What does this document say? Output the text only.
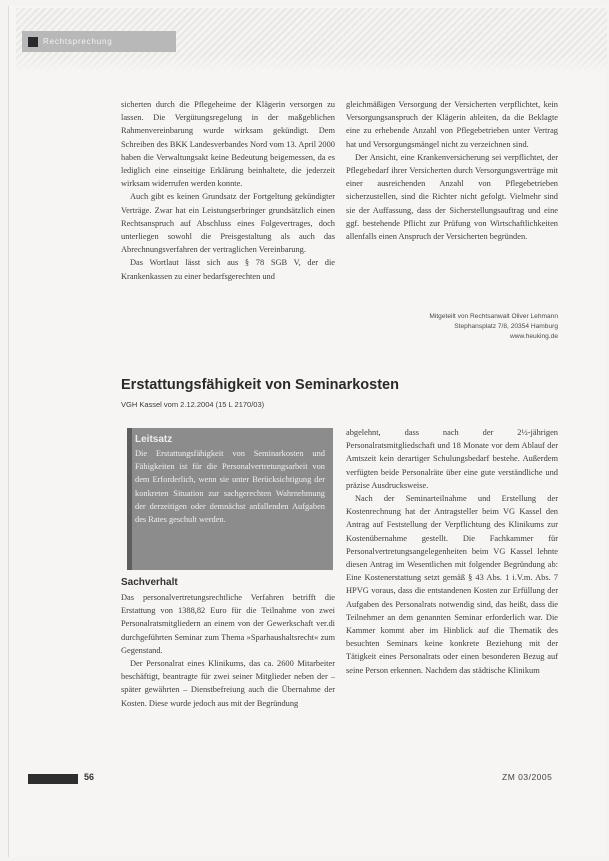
Rechtsprechung

sicherten durch die Pflegeheime der Klägerin versorgen zu lassen. Die Vergütungsregelung in der maßgeblichen Rahmenvereinbarung wurde wirksam gekündigt. Dem Schreiben des BKK Landesverbandes Nord vom 13. April 2000 haben die Verwaltungsakt keine Bedeutung beigemessen, da es lediglich eine einseitige Erklärung beinhaltete, die jederzeit wirksam widerrufen werden konnte.

Auch gibt es keinen Grundsatz der Fortgeltung gekündigter Verträge. Zwar hat ein Leistungserbringer grundsätzlich einen Rechtsanspruch auf Abschluss eines Folgevertrages, doch unterliegen sowohl die Preisgestaltung als auch das Abrechnungsverfahren der vertraglichen Vereinbarung.

Das Wortlaut lässt sich aus § 78 SGB V, der die Krankenkassen zu einer bedarfsgerechten und

gleichmäßigen Versorgung der Versicherten verpflichtet, kein Versorgungsanspruch der Klägerin ableiten, da die Beklagte eine zu erhebende Anzahl von Pflegebetrieben unter Vertrag hat und Versorgungsmängel nicht zu verzeichnen sind.

Der Ansicht, eine Krankenversicherung sei verpflichtet, der Pflegebedarf ihrer Versicherten durch Versorgungsverträge mit einer ausreichenden Anzahl von Pflegebetrieben sicherzustellen, sind die Richter nicht gefolgt. Vielmehr sind sie der Auffassung, dass der Sicherstellungsauftrag und eine ggf. bestehende Pflicht zur Prüfung von Wirtschaftlichkeiten allenfalls einen Anspruch der Versicherten begründen.

Mitgeteilt von Rechtsanwalt Oliver Lehmann
Stephansplatz 7/8, 20354 Hamburg
www.heuking.de
Erstattungsfähigkeit von Seminarkosten
VGH Kassel vom 2.12.2004 (15 L 2170/03)
Leitsatz
Die Erstattungsfähigkeit von Seminarkosten und Fähigkeiten ist für die Personalvertretungsarbeit von dem Erforderlich, wenn sie unter Berücksichtigung der konkreten Situation zur sachgerechten Wahrnehmung der derzeitigen oder demnächst anfallenden Aufgaben des Rates geschult werden.
Sachverhalt

Das personalvertretungsrechtliche Verfahren betrifft die Erstattung von 1388,82 Euro für die Teilnahme von zwei Personalratsmitgliedern an einem von der Gewerkschaft ver.di durchgeführten Seminar zum Thema »Sparhaushaltsrecht« zum Gegenstand.

Der Personalrat eines Klinikums, das ca. 2600 Mitarbeiter beschäftigt, beantragte für zwei seiner Mitglieder neben der – später gewährten – Dienstbefreiung auch die Übernahme der Kosten. Diese wurde jedoch aus mit der Begründung

abgelehnt, dass nach der 2½-jährigen Personalratsmitgliedschaft und 18 Monate vor dem Ablauf der Amtszeit kein derartiger Schulungsbedarf bestehe. Außerdem verfügten beide Personalräte über eine gute verständliche und präzise Ausdrucksweise.

Nach der Seminarteilnahme und Erstellung der Kostenrechnung hat der Antragsteller beim VG Kassel den Antrag auf Feststellung der Verpflichtung des Klinikums zur Kostenübernahme gestellt. Die Fachkammer für Personalvertretungsangelegenheiten beim VG Kassel lehnte diesen Antrag im Wesentlichen mit folgender Begründung ab: Eine Kostenerstattung setzt gemäß § 43 Abs. 1 i.V.m. Abs. 7 HPVG voraus, dass die entstandenen Kosten zur Erfüllung der Aufgaben des Personalrats notwendig sind, das heißt, dass die Teilnehmer an dem genannten Seminar erforderlich war. Die Kammer kommt aber im Hinblick auf die Thematik des besuchten Seminars keine konkrete Beziehung mit der Tätigkeit eines Personalrats oder einen besonderen Bezug auf seine Person erkennen. Nachdem das städtische Klinikum

56	ZM 03/2005
